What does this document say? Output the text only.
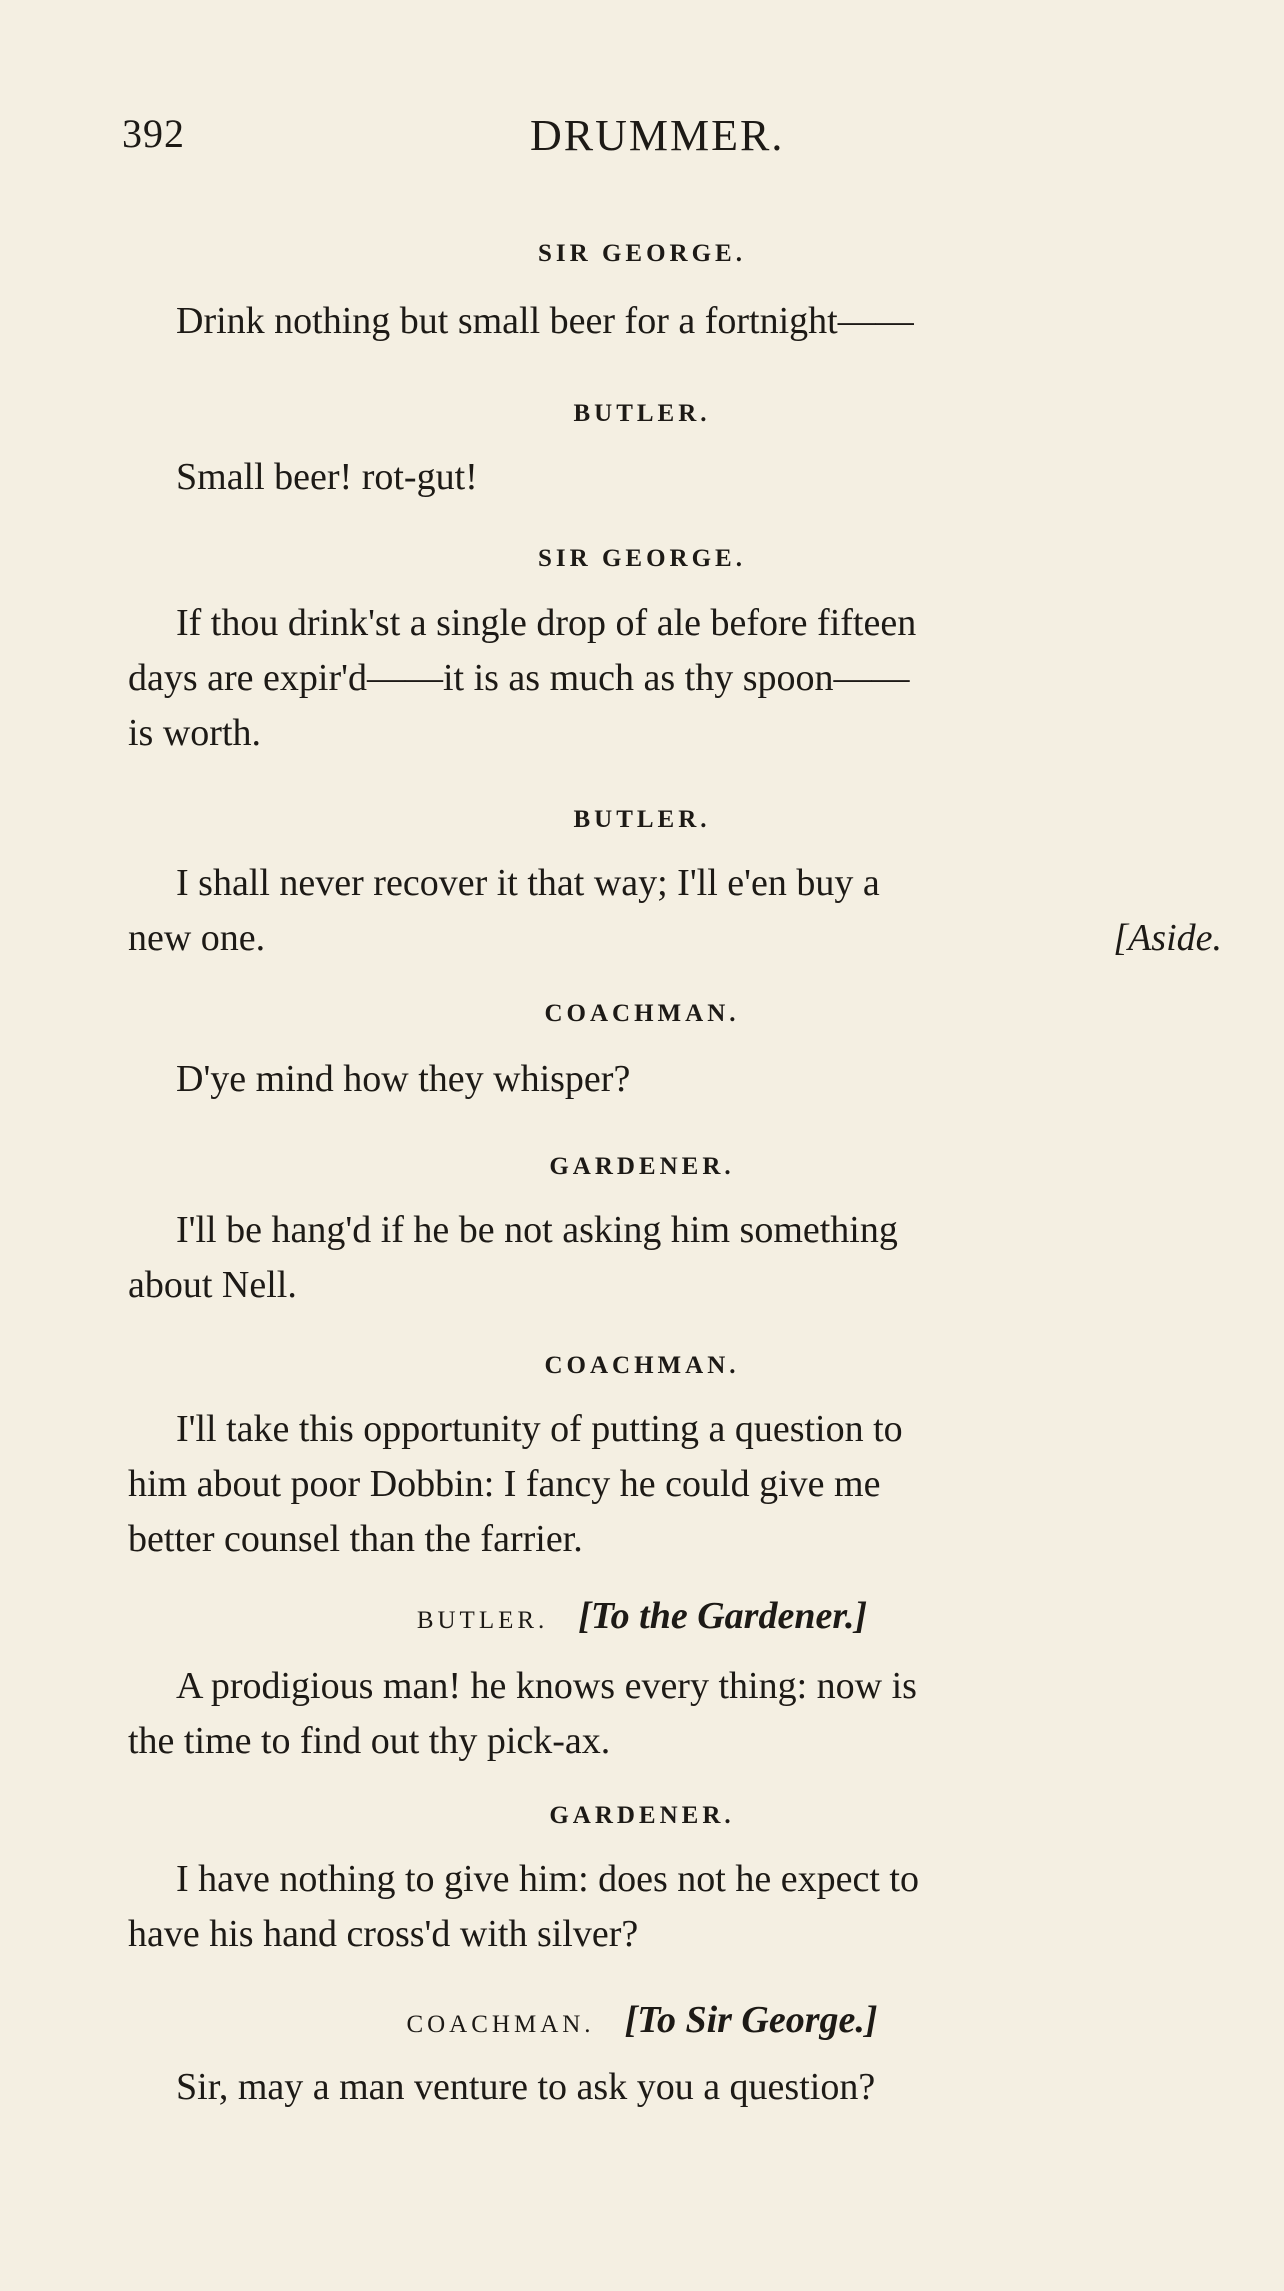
392	DRUMMER.
SIR GEORGE.
Drink nothing but small beer for a fortnight——
BUTLER.
Small beer! rot-gut!
SIR GEORGE.
If thou drink'st a single drop of ale before fifteen
days are expir'd——it is as much as thy spoon——
is worth.
BUTLER.
I shall never recover it that way; I'll e'en buy a
new one.	[Aside.
COACHMAN.
D'ye mind how they whisper?
GARDENER.
I'll be hang'd if he be not asking him something
about Nell.
COACHMAN.
I'll take this opportunity of putting a question to
him about poor Dobbin: I fancy he could give me
better counsel than the farrier.
BUTLER. [To the Gardener.]
A prodigious man! he knows every thing: now is
the time to find out thy pick-ax.
GARDENER.
I have nothing to give him: does not he expect to
have his hand cross'd with silver?
COACHMAN. [To Sir George.]
Sir, may a man venture to ask you a question?
